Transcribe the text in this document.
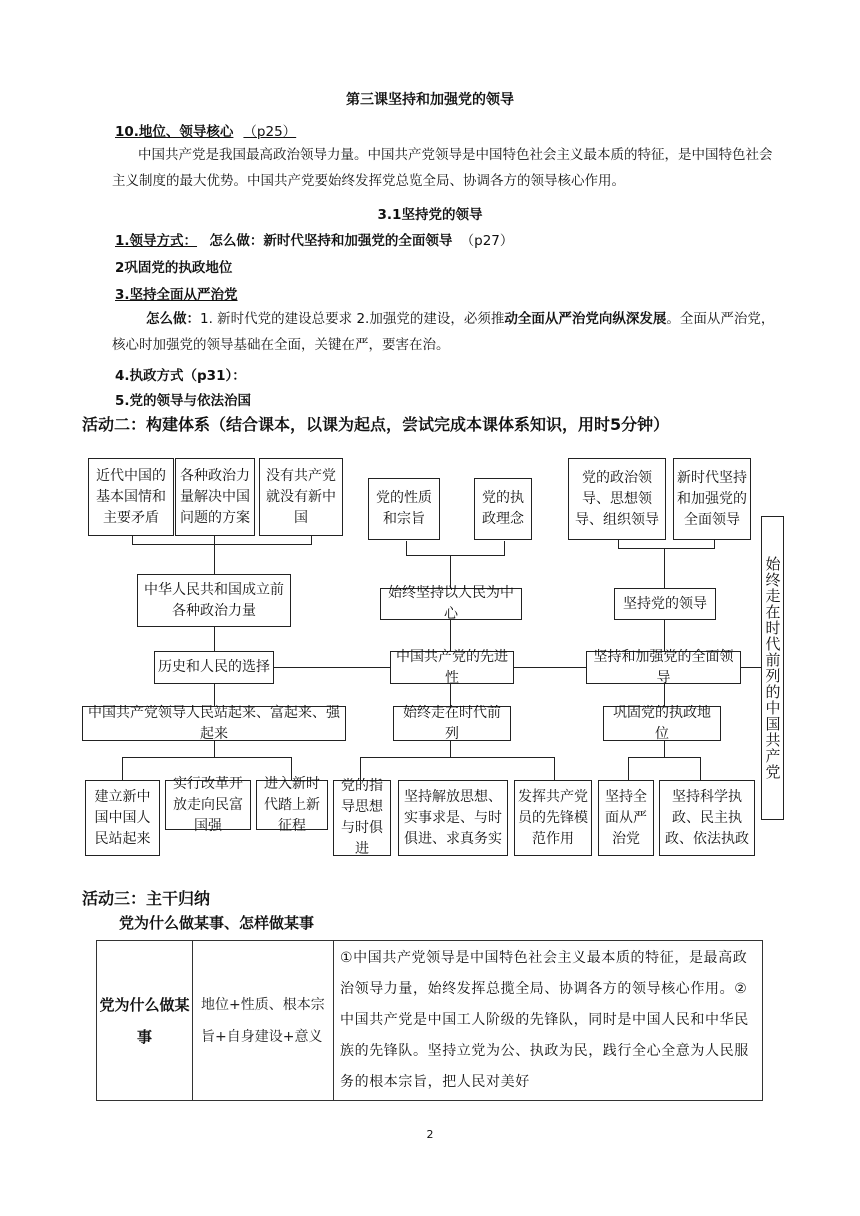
第三课坚持和加强党的领导
10.地位、领导核心 （p25）
中国共产党是我国最高政治领导力量。中国共产党领导是中国特色社会主义最本质的特征，是中国特色社会主义制度的最大优势。中国共产党要始终发挥党总览全局、协调各方的领导核心作用。
3.1坚持党的领导
1.领导方式： 怎么做：新时代坚持和加强党的全面领导 （p27）
2巩固党的执政地位
3.坚持全面从严治党
怎么做：1. 新时代党的建设总要求 2.加强党的建设，必须推动全面从严治党向纵深发展。全面从严治党，核心时加强党的领导基础在全面，关键在严，要害在治。
4.执政方式（p31）：
5.党的领导与依法治国
活动二：构建体系（结合课本，以课为起点，尝试完成本课体系知识，用时5分钟）
近代中国的基本国情和主要矛盾
各种政治力量解决中国问题的方案
没有共产党就没有新中国
党的性质和宗旨
党的执政理念
党的政治领导、思想领导、组织领导
新时代坚持和加强党的全面领导
中华人民共和国成立前各种政治力量
始终坚持以人民为中心
坚持党的领导
历史和人民的选择
中国共产党的先进性
坚持和加强党的全面领导
中国共产党领导人民站起来、富起来、强起来
始终走在时代前列
巩固党的执政地位
建立新中国中国人民站起来
实行改革开放走向民富国强
进入新时代踏上新征程
党的指导思想与时俱进
坚持解放思想、实事求是、与时俱进、求真务实
发挥共产党员的先锋模范作用
坚持全面从严治党
坚持科学执政、民主执政、依法执政
始终走在时代前列的中国共产党
活动三：主干归纳
党为什么做某事、怎样做某事
党为什么做某事	地位+性质、根本宗旨+自身建设+意义	①中国共产党领导是中国特色社会主义最本质的特征，是最高政治领导力量，始终发挥总揽全局、协调各方的领导核心作用。②中国共产党是中国工人阶级的先锋队，同时是中国人民和中华民族的先锋队。坚持立党为公、执政为民，践行全心全意为人民服务的根本宗旨，把人民对美好
2
